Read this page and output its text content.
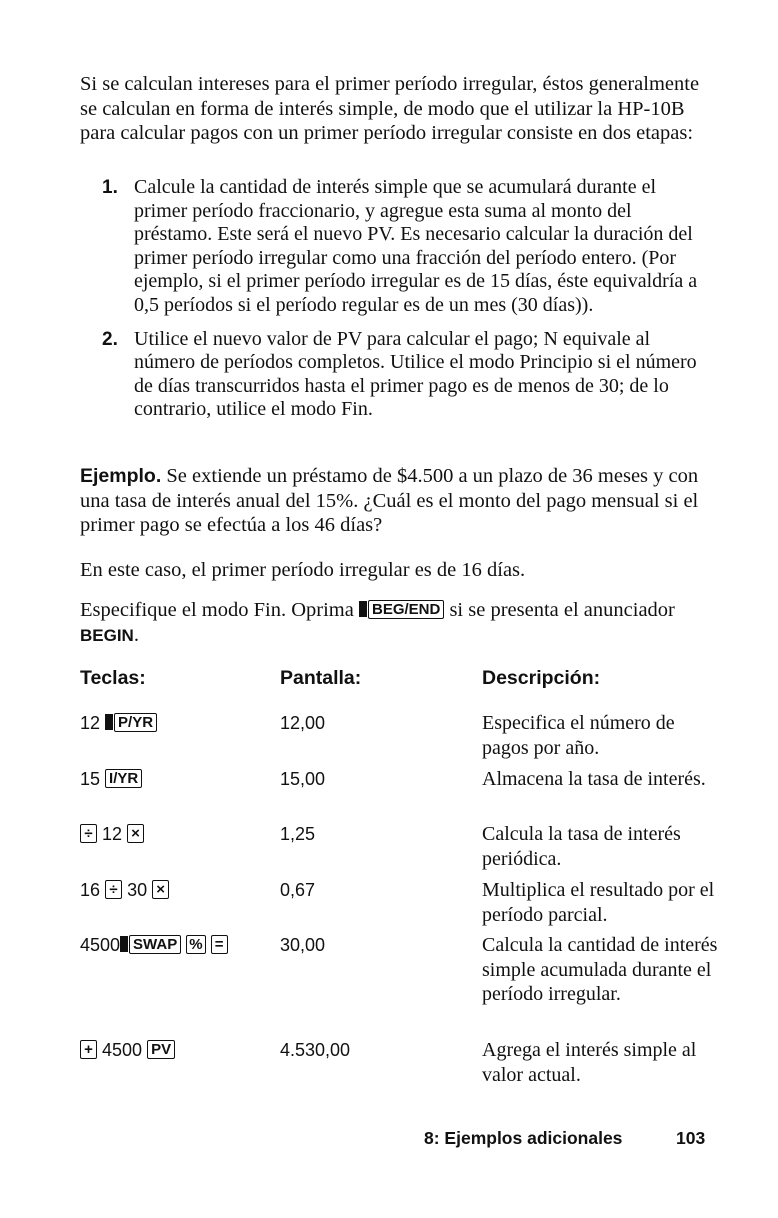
Si se calculan intereses para el primer período irregular, éstos generalmente se calculan en forma de interés simple, de modo que el utilizar la HP-10B para calcular pagos con un primer período irregular consiste en dos etapas:
1. Calcule la cantidad de interés simple que se acumulará durante el primer período fraccionario, y agregue esta suma al monto del préstamo. Este será el nuevo PV. Es necesario calcular la duración del primer período irregular como una fracción del período entero. (Por ejemplo, si el primer período irregular es de 15 días, éste equivaldría a 0,5 períodos si el período regular es de un mes (30 días)).
2. Utilice el nuevo valor de PV para calcular el pago; N equivale al número de períodos completos. Utilice el modo Principio si el número de días transcurridos hasta el primer pago es de menos de 30; de lo contrario, utilice el modo Fin.
Ejemplo. Se extiende un préstamo de $4.500 a un plazo de 36 meses y con una tasa de interés anual del 15%. ¿Cuál es el monto del pago mensual si el primer pago se efectúa a los 46 días?
En este caso, el primer período irregular es de 16 días.
Especifique el modo Fin. Oprima BEG/END si se presenta el anunciador BEGIN.
Teclas:	Pantalla:	Descripción:
12 P/YR	12,00	Especifica el número de pagos por año.
15 I/YR	15,00	Almacena la tasa de interés.
÷ 12 ×	1,25	Calcula la tasa de interés periódica.
16 ÷ 30 ×	0,67	Multiplica el resultado por el período parcial.
4500 SWAP % =	30,00	Calcula la cantidad de interés simple acumulada durante el período irregular.
+ 4500 PV	4.530,00	Agrega el interés simple al valor actual.
8: Ejemplos adicionales	103
